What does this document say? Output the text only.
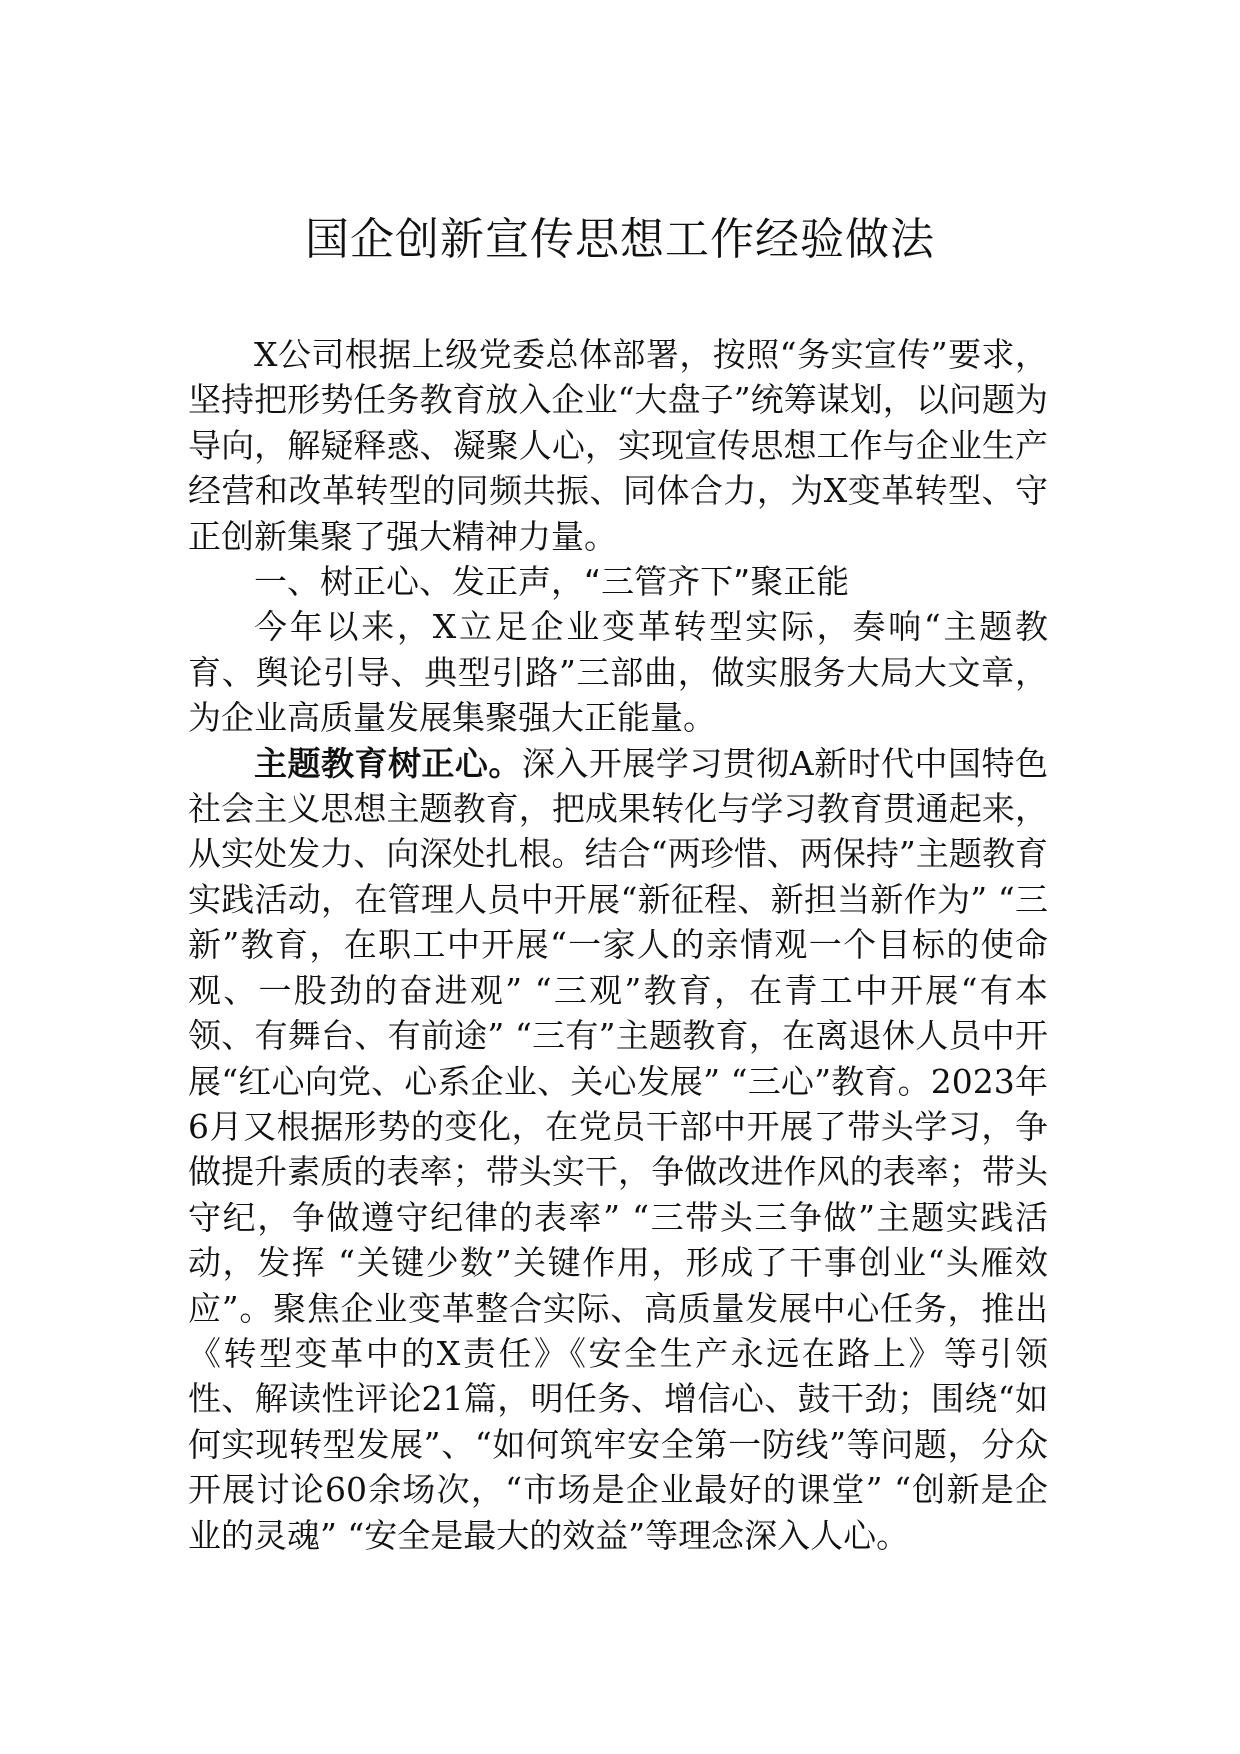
国企创新宣传思想工作经验做法

X公司根据上级党委总体部署，按照“务实宣传”要求，坚持把形势任务教育放入企业“大盘子”统筹谋划，以问题为导向，解疑释惑、凝聚人心，实现宣传思想工作与企业生产经营和改革转型的同频共振、同体合力，为X变革转型、守正创新集聚了强大精神力量。

一、树正心、发正声，“三管齐下”聚正能

今年以来，X立足企业变革转型实际，奏响“主题教育、舆论引导、典型引路”三部曲，做实服务大局大文章，为企业高质量发展集聚强大正能量。

主题教育树正心。深入开展学习贯彻A新时代中国特色社会主义思想主题教育，把成果转化与学习教育贯通起来，从实处发力、向深处扎根。结合“两珍惜、两保持”主题教育实践活动，在管理人员中开展“新征程、新担当新作为” “三新”教育，在职工中开展“一家人的亲情观一个目标的使命观、一股劲的奋进观” “三观”教育，在青工中开展“有本领、有舞台、有前途” “三有”主题教育，在离退休人员中开展“红心向党、心系企业、关心发展” “三心”教育。2023年6月又根据形势的变化，在党员干部中开展了带头学习，争做提升素质的表率；带头实干，争做改进作风的表率；带头守纪，争做遵守纪律的表率” “三带头三争做”主题实践活动，发挥 “关键少数”关键作用，形成了干事创业“头雁效应”。聚焦企业变革整合实际、高质量发展中心任务，推出《转型变革中的X责任》《安全生产永远在路上》等引领性、解读性评论21篇，明任务、增信心、鼓干劲；围绕“如何实现转型发展”、“如何筑牢安全第一防线”等问题，分众开展讨论60余场次，“市场是企业最好的课堂” “创新是企业的灵魂” “安全是最大的效益”等理念深入人心。
